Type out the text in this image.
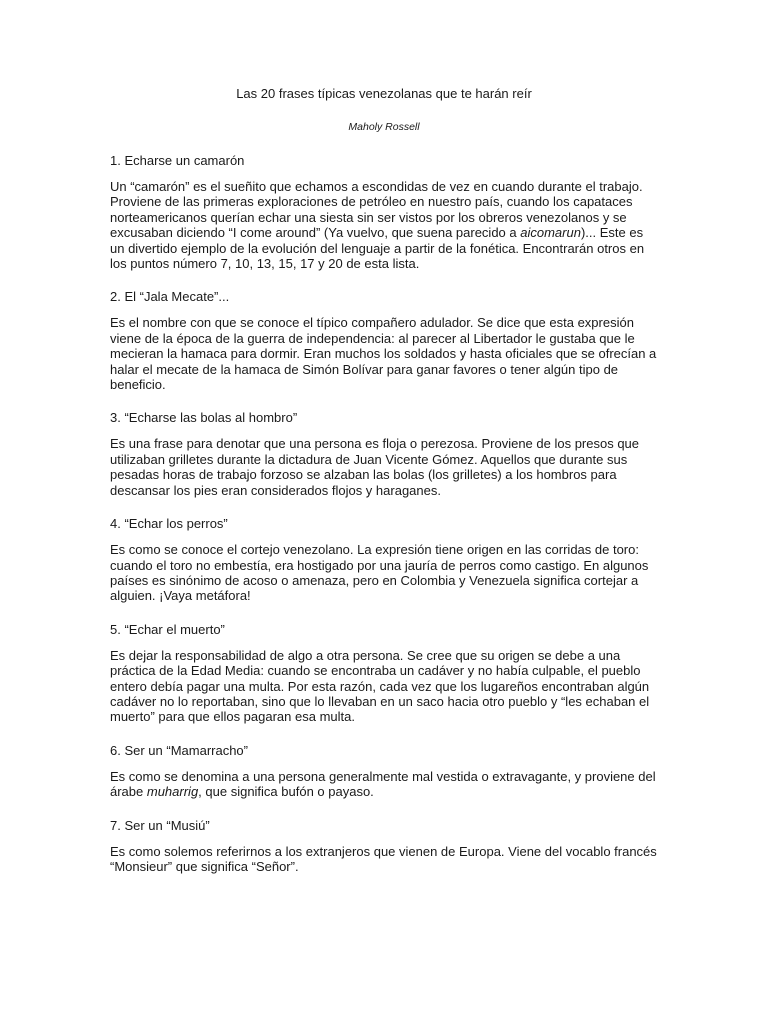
Las 20 frases típicas venezolanas que te harán reír
Maholy Rossell
1. Echarse un camarón

Un “camarón” es el sueñito que echamos a escondidas de vez en cuando durante el trabajo.

Proviene de las primeras exploraciones de petróleo en nuestro país, cuando los capataces norteamericanos querían echar una siesta sin ser vistos por los obreros venezolanos y se excusaban diciendo “I come around” (Ya vuelvo, que suena parecido a aicomarun)... Este es un divertido ejemplo de la evolución del lenguaje a partir de la fonética. Encontrarán otros en los puntos número 7, 10, 13, 15, 17 y 20 de esta lista.

2. El “Jala Mecate”...

Es el nombre con que se conoce el típico compañero adulador. Se dice que esta expresión viene de la época de la guerra de independencia: al parecer al Libertador le gustaba que le mecieran la hamaca para dormir. Eran muchos los soldados y hasta oficiales que se ofrecían a halar el mecate de la hamaca de Simón Bolívar para ganar favores o tener algún tipo de beneficio.

3. “Echarse las bolas al hombro”

Es una frase para denotar que una persona es floja o perezosa. Proviene de los presos que utilizaban grilletes durante la dictadura de Juan Vicente Gómez. Aquellos que durante sus pesadas horas de trabajo forzoso se alzaban las bolas (los grilletes) a los hombros para descansar los pies eran considerados flojos y haraganes.

4. “Echar los perros”

Es como se conoce el cortejo venezolano. La expresión tiene origen en las corridas de toro: cuando el toro no embestía, era hostigado por una jauría de perros como castigo. En algunos países es sinónimo de acoso o amenaza, pero en Colombia y Venezuela significa cortejar a alguien. ¡Vaya metáfora!

5. “Echar el muerto”

Es dejar la responsabilidad de algo a otra persona. Se cree que su origen se debe a una práctica de la Edad Media: cuando se encontraba un cadáver y no había culpable, el pueblo entero debía pagar una multa. Por esta razón, cada vez que los lugareños encontraban algún cadáver no lo reportaban, sino que lo llevaban en un saco hacia otro pueblo y “les echaban el muerto” para que ellos pagaran esa multa.

6. Ser un “Mamarracho”

Es como se denomina a una persona generalmente mal vestida o extravagante, y proviene del árabe muharrig, que significa bufón o payaso.

7. Ser un “Musiú”

Es como solemos referirnos a los extranjeros que vienen de Europa. Viene del vocablo francés “Monsieur” que significa “Señor”.
